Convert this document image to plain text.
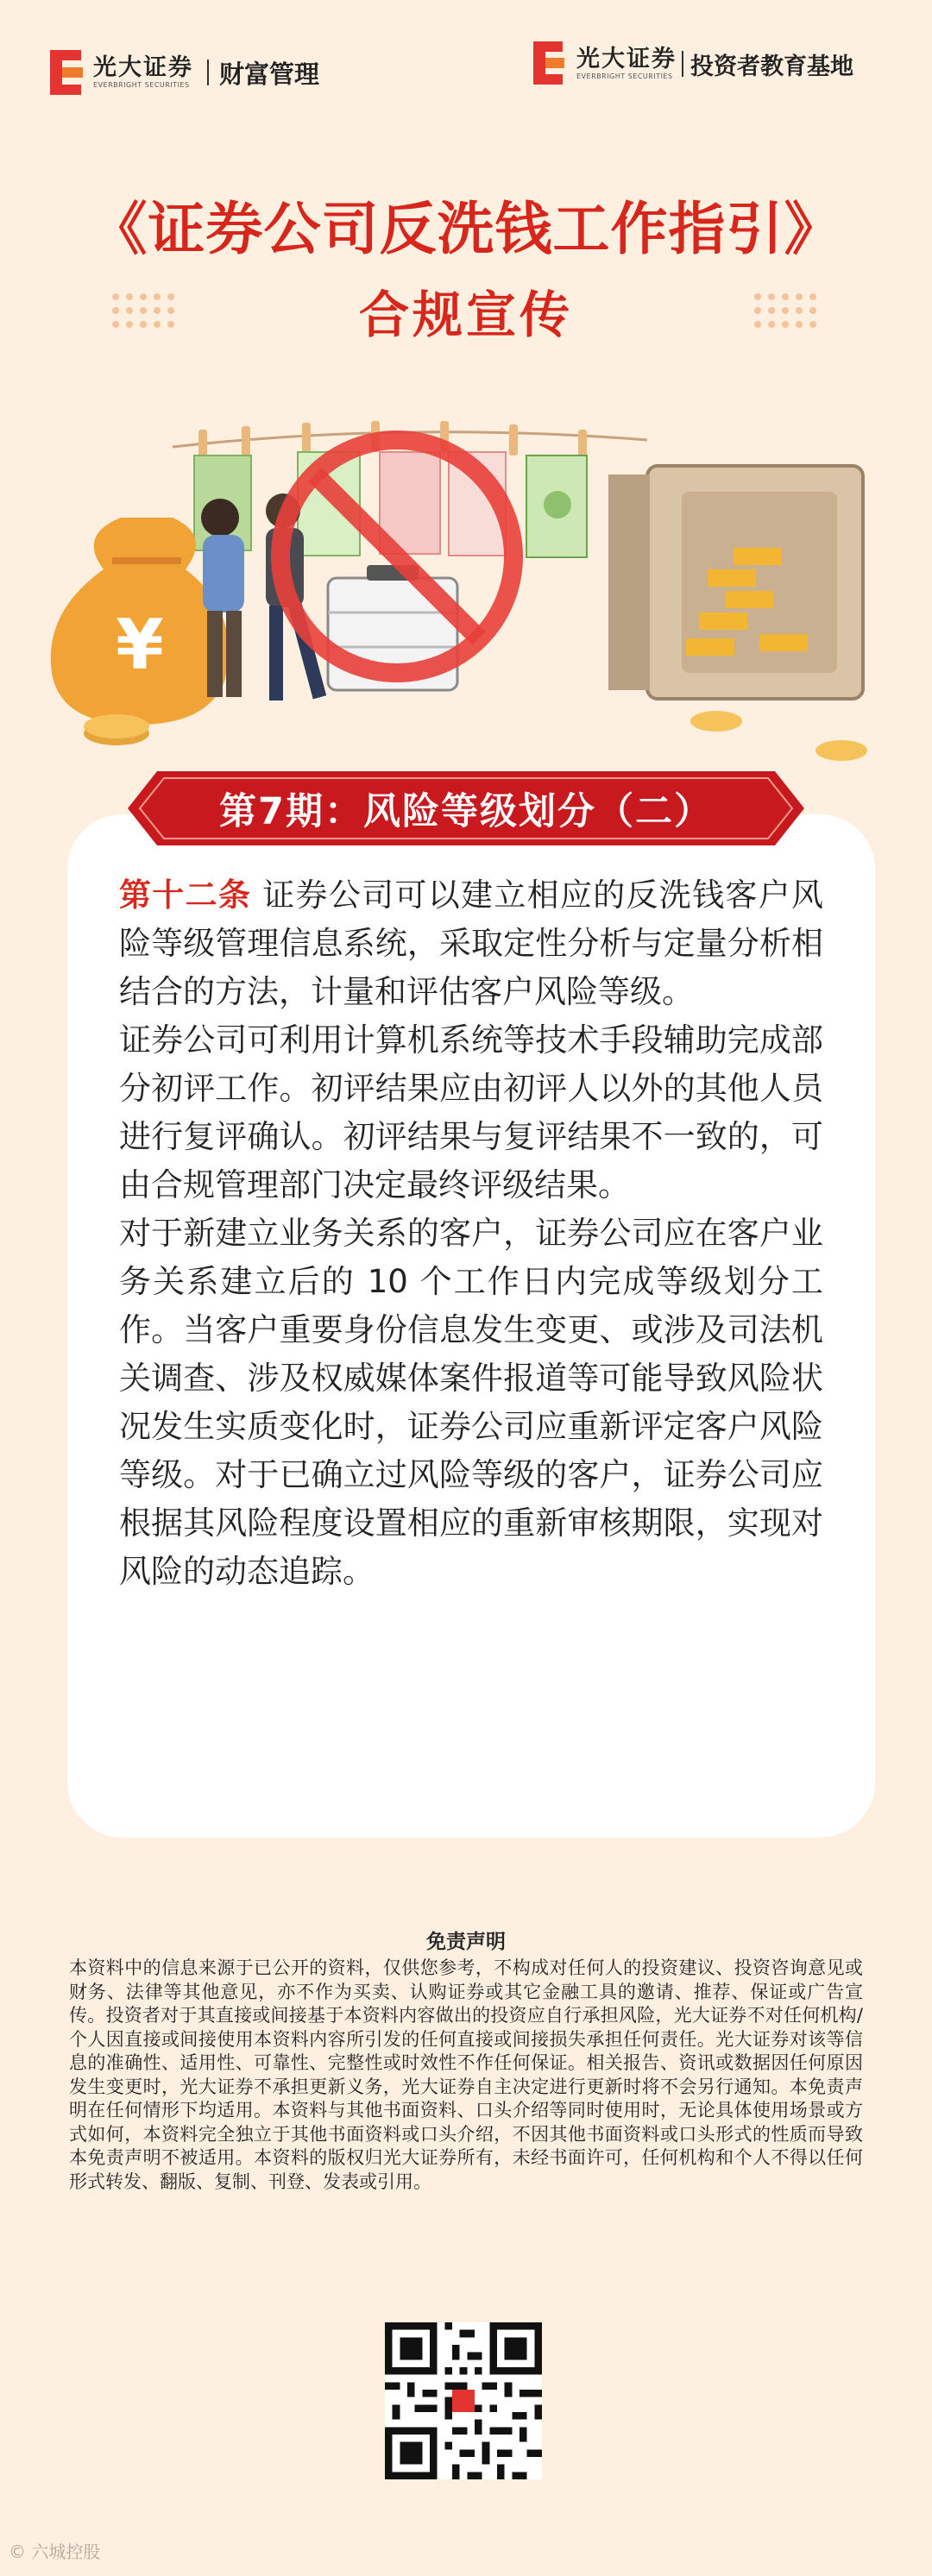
光大证券
EVERBRIGHT SECURITIES 财富管理	光大证券
EVERBRIGHT SECURITIES 投资者教育基地
《证券公司反洗钱工作指引》
合规宣传
¥
第7期：风险等级划分（二）

第十二条 证券公司可以建立相应的反洗钱客户风险等级管理信息系统，采取定性分析与定量分析相结合的方法，计量和评估客户风险等级。

证券公司可利用计算机系统等技术手段辅助完成部分初评工作。初评结果应由初评人以外的其他人员进行复评确认。初评结果与复评结果不一致的，可由合规管理部门决定最终评级结果。

对于新建立业务关系的客户，证券公司应在客户业务关系建立后的 10 个工作日内完成等级划分工作。当客户重要身份信息发生变更、或涉及司法机关调查、涉及权威媒体案件报道等可能导致风险状况发生实质变化时，证券公司应重新评定客户风险等级。对于已确立过风险等级的客户，证券公司应根据其风险程度设置相应的重新审核期限，实现对风险的动态追踪。

免责声明
本资料中的信息来源于已公开的资料，仅供您参考，不构成对任何人的投资建议、投资咨询意见或财务、法律等其他意见，亦不作为买卖、认购证券或其它金融工具的邀请、推荐、保证或广告宣传。投资者对于其直接或间接基于本资料内容做出的投资应自行承担风险，光大证券不对任何机构/个人因直接或间接使用本资料内容所引发的任何直接或间接损失承担任何责任。光大证券对该等信息的准确性、适用性、可靠性、完整性或时效性不作任何保证。相关报告、资讯或数据因任何原因发生变更时，光大证券不承担更新义务，光大证券自主决定进行更新时将不会另行通知。本免责声明在任何情形下均适用。本资料与其他书面资料、口头介绍等同时使用时，无论具体使用场景或方式如何，本资料完全独立于其他书面资料或口头介绍，不因其他书面资料或口头形式的性质而导致本免责声明不被适用。本资料的版权归光大证券所有，未经书面许可，任何机构和个人不得以任何形式转发、翻版、复制、刊登、发表或引用。
© 六城控股
